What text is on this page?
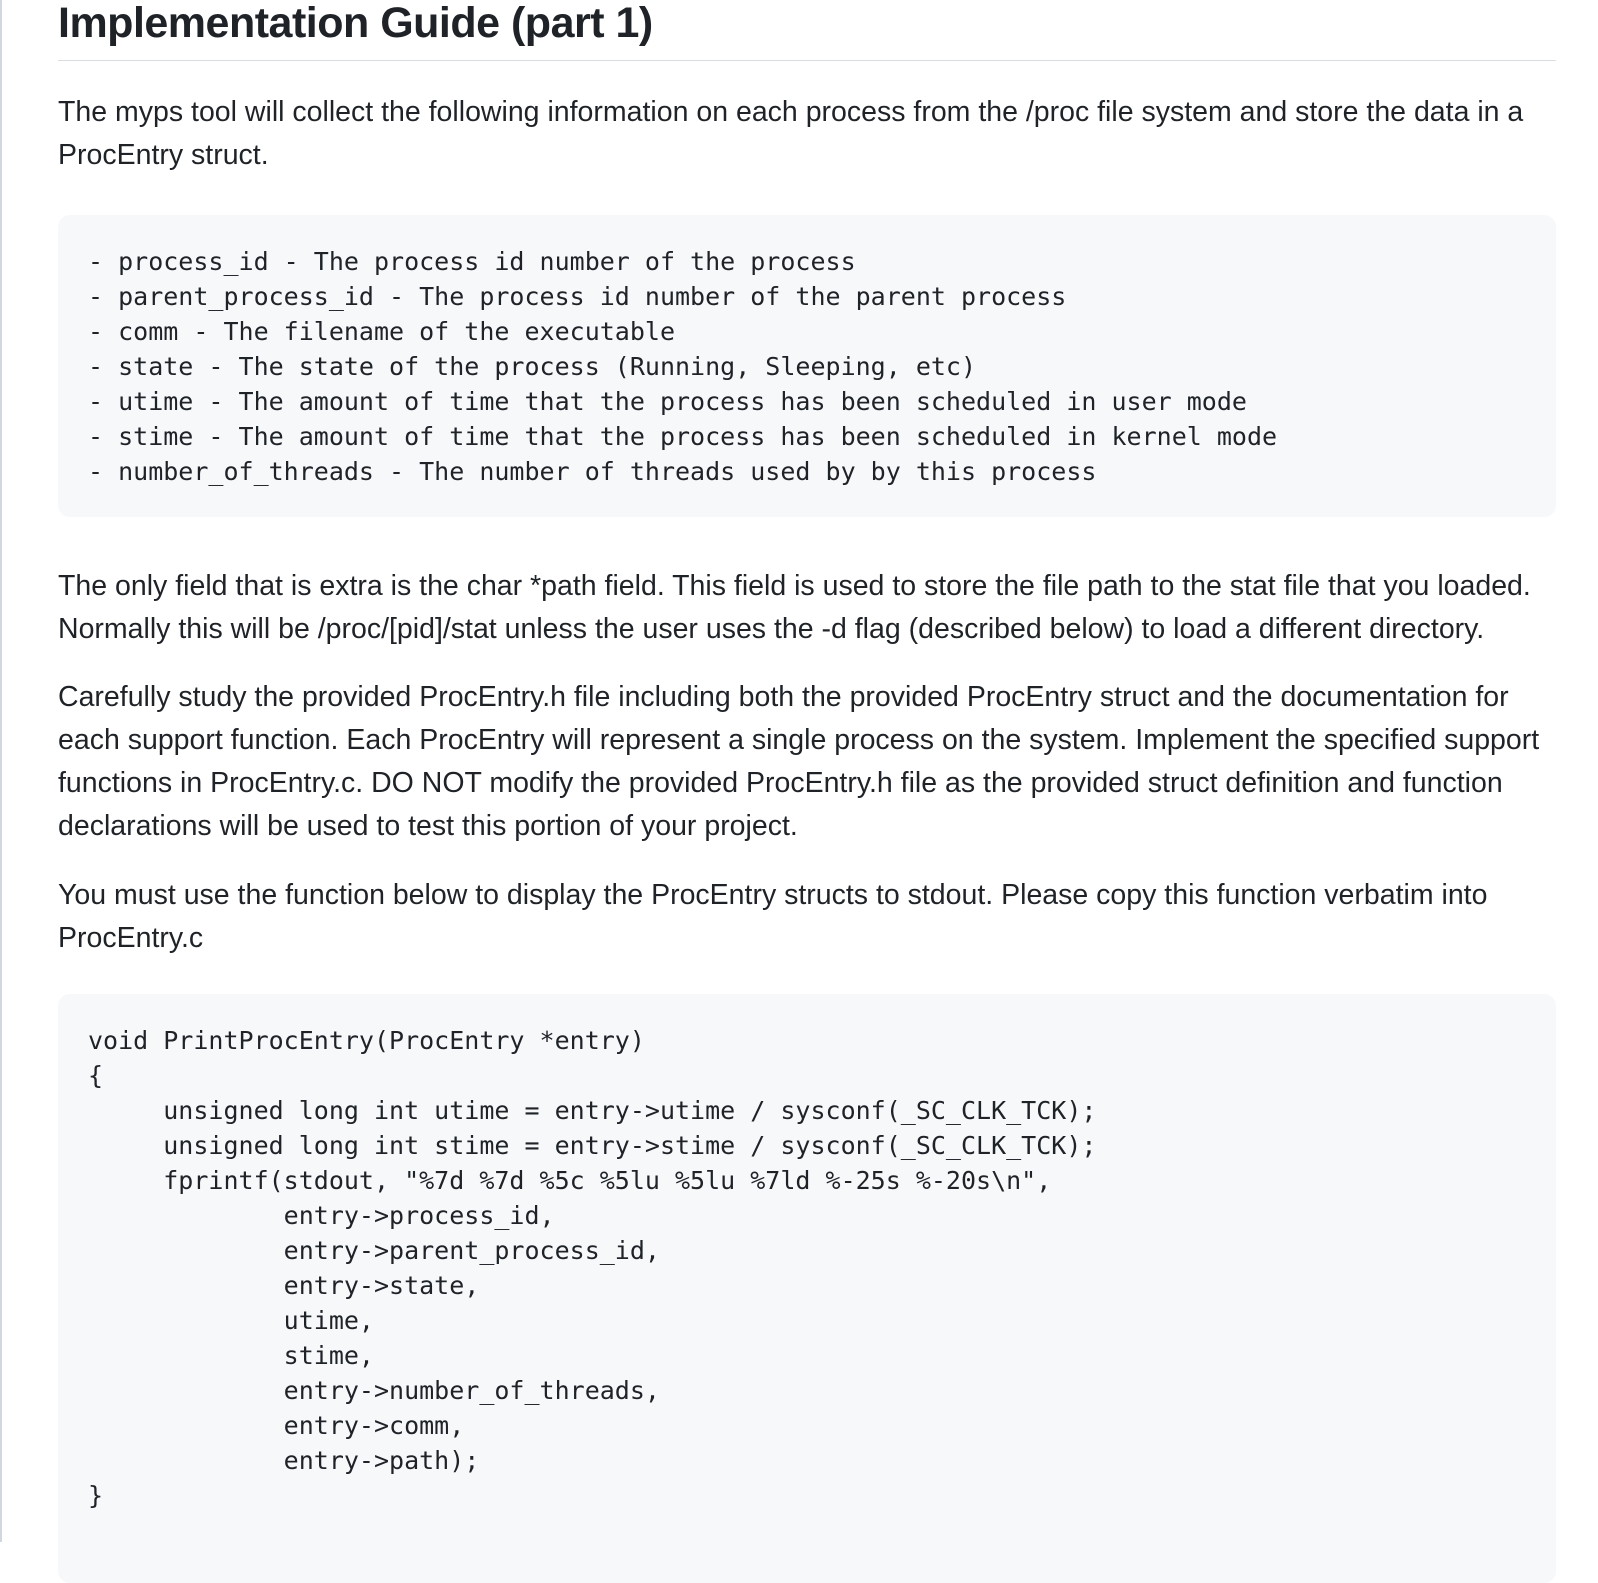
Implementation Guide (part 1)

The myps tool will collect the following information on each process from the /proc file system and store the data in a ProcEntry struct.

- process_id - The process id number of the process
- parent_process_id - The process id number of the parent process
- comm - The filename of the executable
- state - The state of the process (Running, Sleeping, etc)
- utime - The amount of time that the process has been scheduled in user mode
- stime - The amount of time that the process has been scheduled in kernel mode
- number_of_threads - The number of threads used by by this process

The only field that is extra is the char *path field. This field is used to store the file path to the stat file that you loaded. Normally this will be /proc/[pid]/stat unless the user uses the -d flag (described below) to load a different directory.

Carefully study the provided ProcEntry.h file including both the provided ProcEntry struct and the documentation for each support function. Each ProcEntry will represent a single process on the system. Implement the specified support functions in ProcEntry.c. DO NOT modify the provided ProcEntry.h file as the provided struct definition and function declarations will be used to test this portion of your project.

You must use the function below to display the ProcEntry structs to stdout. Please copy this function verbatim into ProcEntry.c

void PrintProcEntry(ProcEntry *entry)
{
unsigned long int utime = entry->utime / sysconf(_SC_CLK_TCK);
unsigned long int stime = entry->stime / sysconf(_SC_CLK_TCK);
fprintf(stdout, "%7d %7d %5c %5lu %5lu %7ld %-25s %-20s\n",
entry->process_id,
entry->parent_process_id,
entry->state,
utime,
stime,
entry->number_of_threads,
entry->comm,
entry->path);
}
